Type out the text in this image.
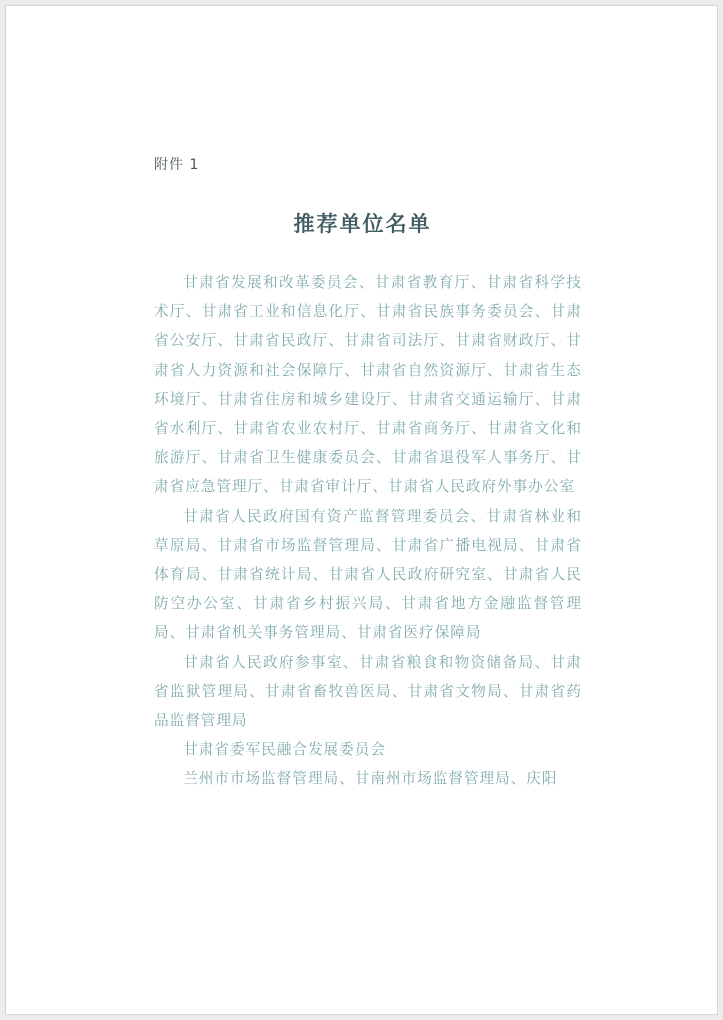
附件 1
推荐单位名单

甘肃省发展和改革委员会、甘肃省教育厅、甘肃省科学技术厅、甘肃省工业和信息化厅、甘肃省民族事务委员会、甘肃省公安厅、甘肃省民政厅、甘肃省司法厅、甘肃省财政厅、甘肃省人力资源和社会保障厅、甘肃省自然资源厅、甘肃省生态环境厅、甘肃省住房和城乡建设厅、甘肃省交通运输厅、甘肃省水利厅、甘肃省农业农村厅、甘肃省商务厅、甘肃省文化和旅游厅、甘肃省卫生健康委员会、甘肃省退役军人事务厅、甘肃省应急管理厅、甘肃省审计厅、甘肃省人民政府外事办公室

甘肃省人民政府国有资产监督管理委员会、甘肃省林业和草原局、甘肃省市场监督管理局、甘肃省广播电视局、甘肃省体育局、甘肃省统计局、甘肃省人民政府研究室、甘肃省人民防空办公室、甘肃省乡村振兴局、甘肃省地方金融监督管理局、甘肃省机关事务管理局、甘肃省医疗保障局

甘肃省人民政府参事室、甘肃省粮食和物资储备局、甘肃省监狱管理局、甘肃省畜牧兽医局、甘肃省文物局、甘肃省药品监督管理局

甘肃省委军民融合发展委员会

兰州市市场监督管理局、甘南州市场监督管理局、庆阳
